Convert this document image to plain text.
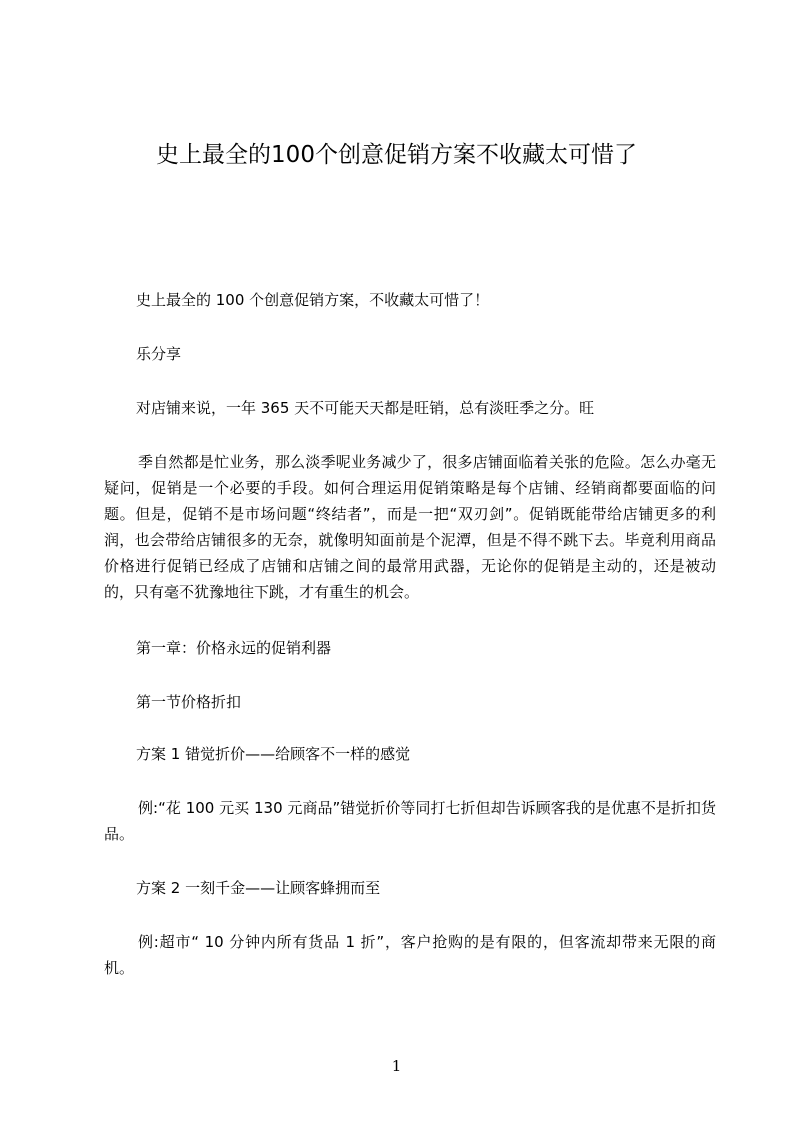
史上最全的100个创意促销方案不收藏太可惜了
史上最全的 100 个创意促销方案，不收藏太可惜了！
乐分享
对店铺来说，一年 365 天不可能天天都是旺销，总有淡旺季之分。旺
季自然都是忙业务，那么淡季呢业务减少了，很多店铺面临着关张的危险。怎么办毫无疑问，促销是一个必要的手段。如何合理运用促销策略是每个店铺、经销商都要面临的问题。但是，促销不是市场问题“终结者”，而是一把“双刃剑”。促销既能带给店铺更多的利润，也会带给店铺很多的无奈，就像明知面前是个泥潭，但是不得不跳下去。毕竟利用商品价格进行促销已经成了店铺和店铺之间的最常用武器，无论你的促销是主动的，还是被动的，只有毫不犹豫地往下跳，才有重生的机会。
第一章：价格永远的促销利器
第一节价格折扣
方案 1 错觉折价——给顾客不一样的感觉
例:“花 100 元买 130 元商品”错觉折价等同打七折但却告诉顾客我的是优惠不是折扣货品。
方案 2 一刻千金——让顾客蜂拥而至
例:超市“ 10 分钟内所有货品 1 折”，客户抢购的是有限的，但客流却带来无限的商机。
1
